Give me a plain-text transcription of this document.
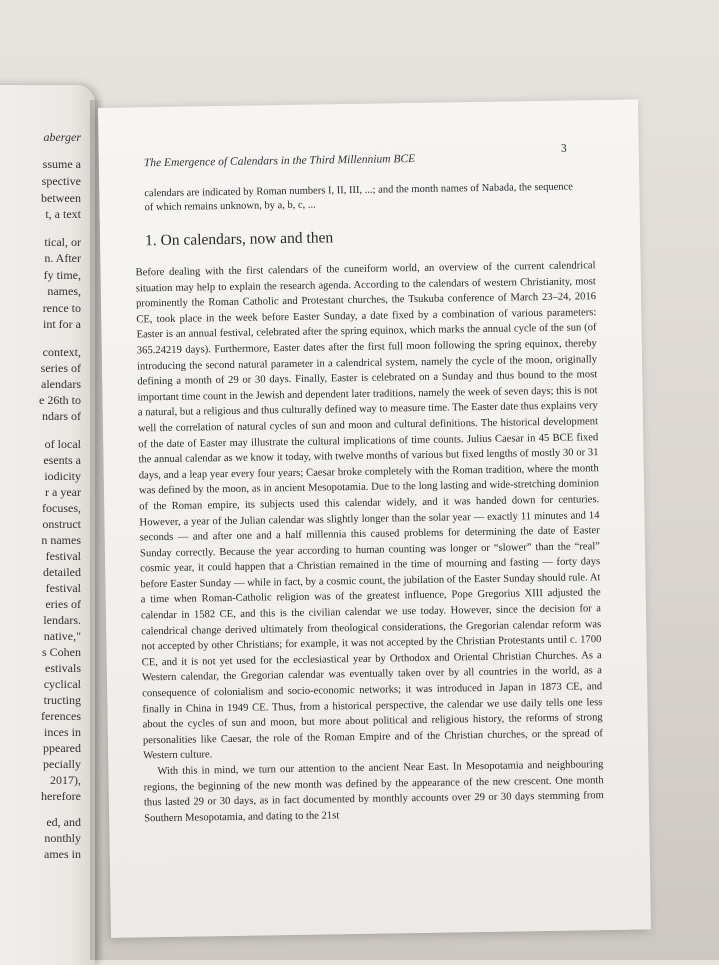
aberger
ssume a
spective
between
t, a text
tical, or
n. After
fy time,
names,
rence to
int for a
context,
series of
alendars
e 26th to
ndars of
of local
esents a
iodicity
r a year
focuses,
onstruct
n names
festival
detailed
festival
eries of
lendars.
native,"
s Cohen
estivals
cyclical
tructing
ferences
inces in
ppeared
pecially
2017),
herefore
ed, and
nonthly
ames in
The Emergence of Calendars in the Third Millennium BCE
3
calendars are indicated by Roman numbers I, II, III, ...; and the month names of Nabada, the sequence of which remains unknown, by a, b, c, ...
1. On calendars, now and then

Before dealing with the first calendars of the cuneiform world, an overview of the current calendrical situation may help to explain the research agenda. According to the calendars of western Christianity, most prominently the Roman Catholic and Protestant churches, the Tsukuba conference of March 23–24, 2016 CE, took place in the week before Easter Sunday, a date fixed by a combination of various parameters: Easter is an annual festival, celebrated after the spring equinox, which marks the annual cycle of the sun (of 365.24219 days). Furthermore, Easter dates after the first full moon following the spring equinox, thereby introducing the second natural parameter in a calendrical system, namely the cycle of the moon, originally defining a month of 29 or 30 days. Finally, Easter is celebrated on a Sunday and thus bound to the most important time count in the Jewish and dependent later traditions, namely the week of seven days; this is not a natural, but a religious and thus culturally defined way to measure time. The Easter date thus explains very well the correlation of natural cycles of sun and moon and cultural definitions. The historical development of the date of Easter may illustrate the cultural implications of time counts. Julius Caesar in 45 BCE fixed the annual calendar as we know it today, with twelve months of various but fixed lengths of mostly 30 or 31 days, and a leap year every four years; Caesar broke completely with the Roman tradition, where the month was defined by the moon, as in ancient Mesopotamia. Due to the long lasting and wide-stretching dominion of the Roman empire, its subjects used this calendar widely, and it was handed down for centuries. However, a year of the Julian calendar was slightly longer than the solar year — exactly 11 minutes and 14 seconds — and after one and a half millennia this caused problems for determining the date of Easter Sunday correctly. Because the year according to human counting was longer or “slower” than the “real” cosmic year, it could happen that a Christian remained in the time of mourning and fasting — forty days before Easter Sunday — while in fact, by a cosmic count, the jubilation of the Easter Sunday should rule. At a time when Roman-Catholic religion was of the greatest influence, Pope Gregorius XIII adjusted the calendar in 1582 CE, and this is the civilian calendar we use today. However, since the decision for a calendrical change derived ultimately from theological considerations, the Gregorian calendar reform was not accepted by other Christians; for example, it was not accepted by the Christian Protestants until c. 1700 CE, and it is not yet used for the ecclesiastical year by Orthodox and Oriental Christian Churches. As a Western calendar, the Gregorian calendar was eventually taken over by all countries in the world, as a consequence of colonialism and socio-economic networks; it was introduced in Japan in 1873 CE, and finally in China in 1949 CE. Thus, from a historical perspective, the calendar we use daily tells one less about the cycles of sun and moon, but more about political and religious history, the reforms of strong personalities like Caesar, the role of the Roman Empire and of the Christian churches, or the spread of Western culture.

With this in mind, we turn our attention to the ancient Near East. In Mesopotamia and neighbouring regions, the beginning of the new month was defined by the appearance of the new crescent. One month thus lasted 29 or 30 days, as in fact documented by monthly accounts over 29 or 30 days stemming from Southern Mesopotamia, and dating to the 21st
